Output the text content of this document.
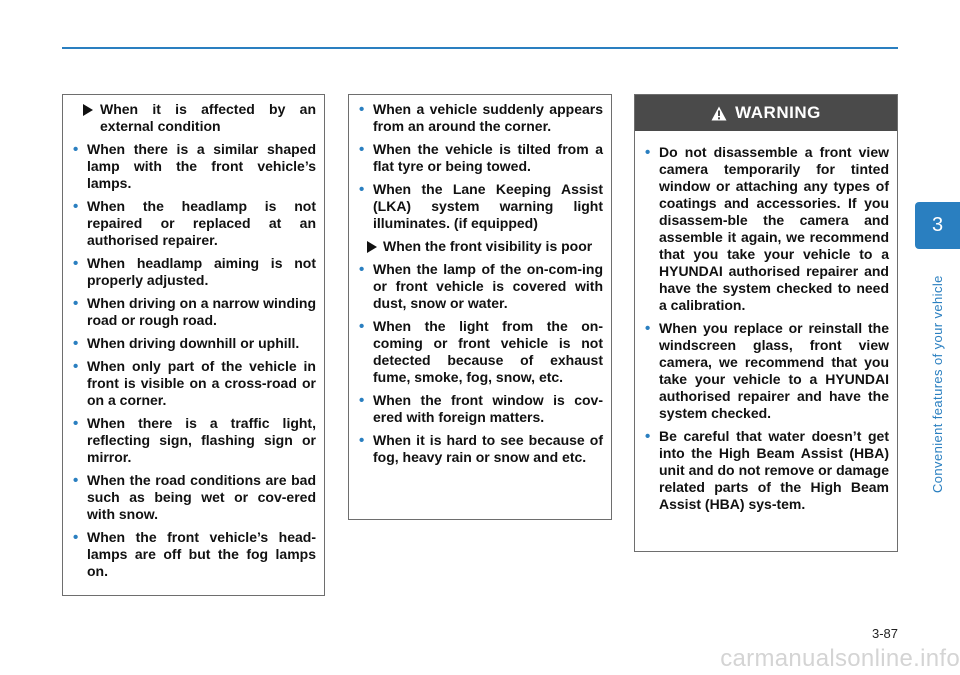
When it is affected by an external condition
• When there is a similar shaped lamp with the front vehicle’s lamps.
• When the headlamp is not repaired or replaced at an authorised repairer.
• When headlamp aiming is not properly adjusted.
• When driving on a narrow winding road or rough road.
• When driving downhill or uphill.
• When only part of the vehicle in front is visible on a cross-road or on a corner.
• When there is a traffic light, reflecting sign, flashing sign or mirror.
• When the road conditions are bad such as being wet or cov-ered with snow.
• When the front vehicle’s head-lamps are off but the fog lamps on.
• When a vehicle suddenly appears from an around the corner.
• When the vehicle is tilted from a flat tyre or being towed.
• When the Lane Keeping Assist (LKA) system warning light illuminates. (if equipped)
When the front visibility is poor
• When the lamp of the on-com-ing or front vehicle is covered with dust, snow or water.
• When the light from the on-coming or front vehicle is not detected because of exhaust fume, smoke, fog, snow, etc.
• When the front window is cov-ered with foreign matters.
• When it is hard to see because of fog, heavy rain or snow and etc.
WARNING
• Do not disassemble a front view camera temporarily for tinted window or attaching any types of coatings and accessories. If you disassem-ble the camera and assemble it again, we recommend that you take your vehicle to a HYUNDAI authorised repairer and have the system checked to need a calibration.
• When you replace or reinstall the windscreen glass, front view camera, we recommend that you take your vehicle to a HYUNDAI authorised repairer and have the system checked.
• Be careful that water doesn’t get into the High Beam Assist (HBA) unit and do not remove or damage related parts of the High Beam Assist (HBA) sys-tem.
3
Convenient features of your vehicle
3-87
carmanualsonline.info
